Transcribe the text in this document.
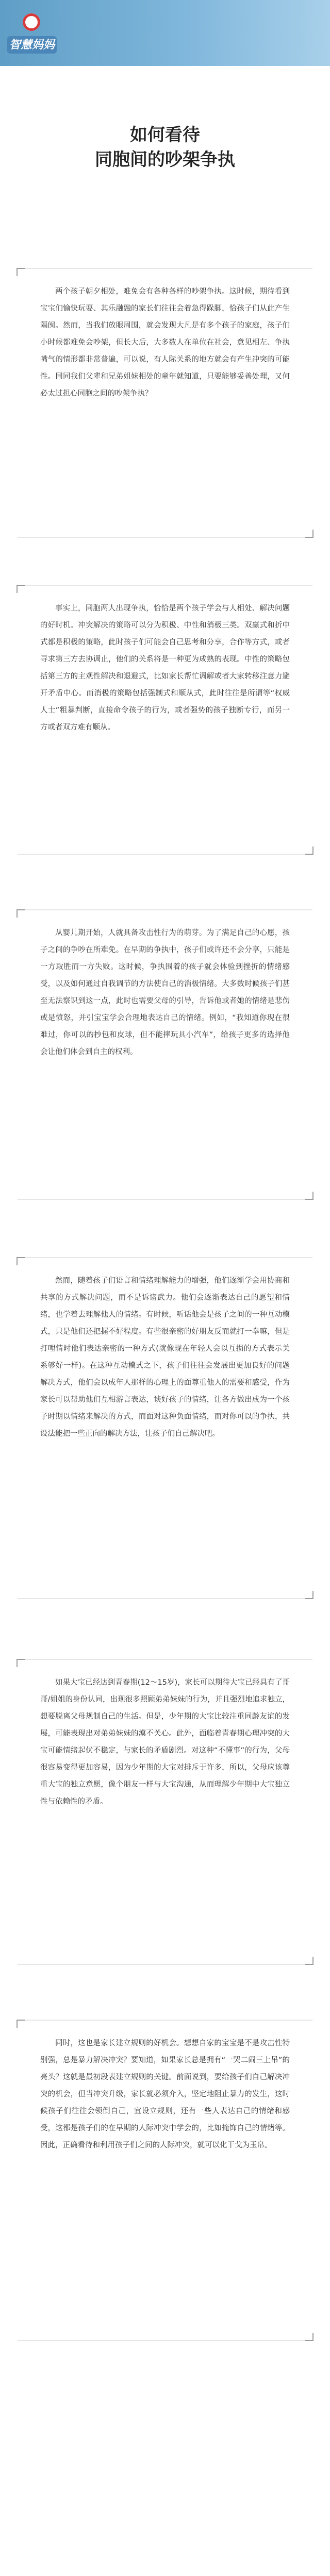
智慧妈妈
如何看待
同胞间的吵架争执
两个孩子朝夕相处，难免会有各种各样的吵架争执。这时候，期待看到宝宝们愉快玩耍、其乐融融的家长们往往会着急得跺脚，恰孩子们从此产生隔阂。然而，当我们放眼周围，就会发现大凡是有多个孩子的家庭，孩子们小时候都难免会吵架，但长大后，大多数人在单位在社会，意见相左、争执嘴气的情形都非常普遍，可以说，有人际关系的地方就会有产生冲突的可能性。同同我们父辈和兄弟姐妹相处的童年就知道，只要能够妥善处理，又何必太过担心同胞之间的吵架争执？
事实上，同胞两人出现争执，恰恰是两个孩子学会与人相处、解决问题的好时机。冲突解决的策略可以分为积极、中性和消极三类。双赢式和折中式都是积极的策略，此时孩子们可能会自己思考和分享，合作等方式，或者寻求第三方去协调止，他们的关系将是一种更为成熟的表现。中性的策略包括第三方的主观性解决和退避式，比如家长帮忙调解或者大家转移注意力避开矛盾中心。而消极的策略包括强制式和顺从式，此时往往是所谓等“权威人士”粗暴判断，直接命令孩子的行为，或者强势的孩子独断专行，而另一方或者双方难有顺从。
从婴儿期开始，人就具备攻击性行为的萌芽。为了满足自己的心愿，孩子之间的争吵在所难免。在早期的争执中，孩子们或许还不会分享，只能是一方取胜而一方失败。这时候，争执围着的孩子就会体验到挫折的情绪感受，以及如何通过自我调节的方法使自己的消极情绪。大多数时候孩子们甚至无法察识到这一点，此时也需要父母的引导，告诉他或者她的情绪是悲伤或是愤怒，并引宝宝学会合理地表达自己的情绪。例如，“我知道你现在很难过，你可以的抄包和皮球，但不能摔玩具小汽车”，给孩子更多的选择他会让他们体会到自主的权利。
然而，随着孩子们语言和情绪理解能力的增强，他们逐渐学会用协商和共享的方式解决问题，而不是诉诸武力。他们会逐渐表达自己的愿望和情绪，也学着去理解他人的情绪。有时候，听话他会是孩子之间的一种互动模式，只是他们还把握不好程度。有些很亲密的好朋友反而就打一拳嘛，但是打哩情时他们表达亲密的一种方式(就像现在年轻人会以互损的方式表示关系够好一样)。在这种互动模式之下，孩子们往往会发展出更加良好的问题解决方式，他们会以成年人那样的心理上的面尊重他人的需要和感受，作为家长可以帮助他们互相游言表达，谈好孩子的情绪，让各方做出成为一个孩子时期以情绪来解决的方式，而面对这种负面情绪，而对你可以的争执，共设法能把一些正向的解决方法，让孩子们自己解决吧。
如果大宝已经达到青春期(12～15岁)，家长可以期待大宝已经具有了哥哥/姐姐的身份认同，出现很多照顾弟弟妹妹的行为，并且强烈地追求独立，想要脱离父母规制自己的生活。但是，少年期的大宝比较注重同龄友谊的发展，可能表现出对弟弟妹妹的漠不关心。此外，面临着青春期心理冲突的大宝可能情绪起伏不稳定，与家长的矛盾剧烈。对这种“不懂事”的行为，父母很容易变得更加容易，因为少年期的大宝对排斥于许多，所以，父母应该尊重大宝的独立意愿，像个朋友一样与大宝沟通，从而理解少年期中大宝独立性与依赖性的矛盾。
同时，这也是家长建立规则的好机会。想想自家的宝宝是不是攻击性特别强，总是暴力解决冲突？要知道，如果家长总是拥有“一哭二闹三上吊”的亮头？这就是最初段表建立规则的关键。前面说到，要给孩子们自己解决冲突的机会，但当冲突升级，家长就必须介入，坚定地阻止暴力的发生，这时候孩子们往往会领倒自己，宜设立规则，还有一些人表达自己的情绪和感受，这都是孩子们的在早期的人际冲突中学会的，比如掩饰自己的情绪等。因此，正确看待和利用孩子们之间的人际冲突，就可以化干戈为玉帛。
